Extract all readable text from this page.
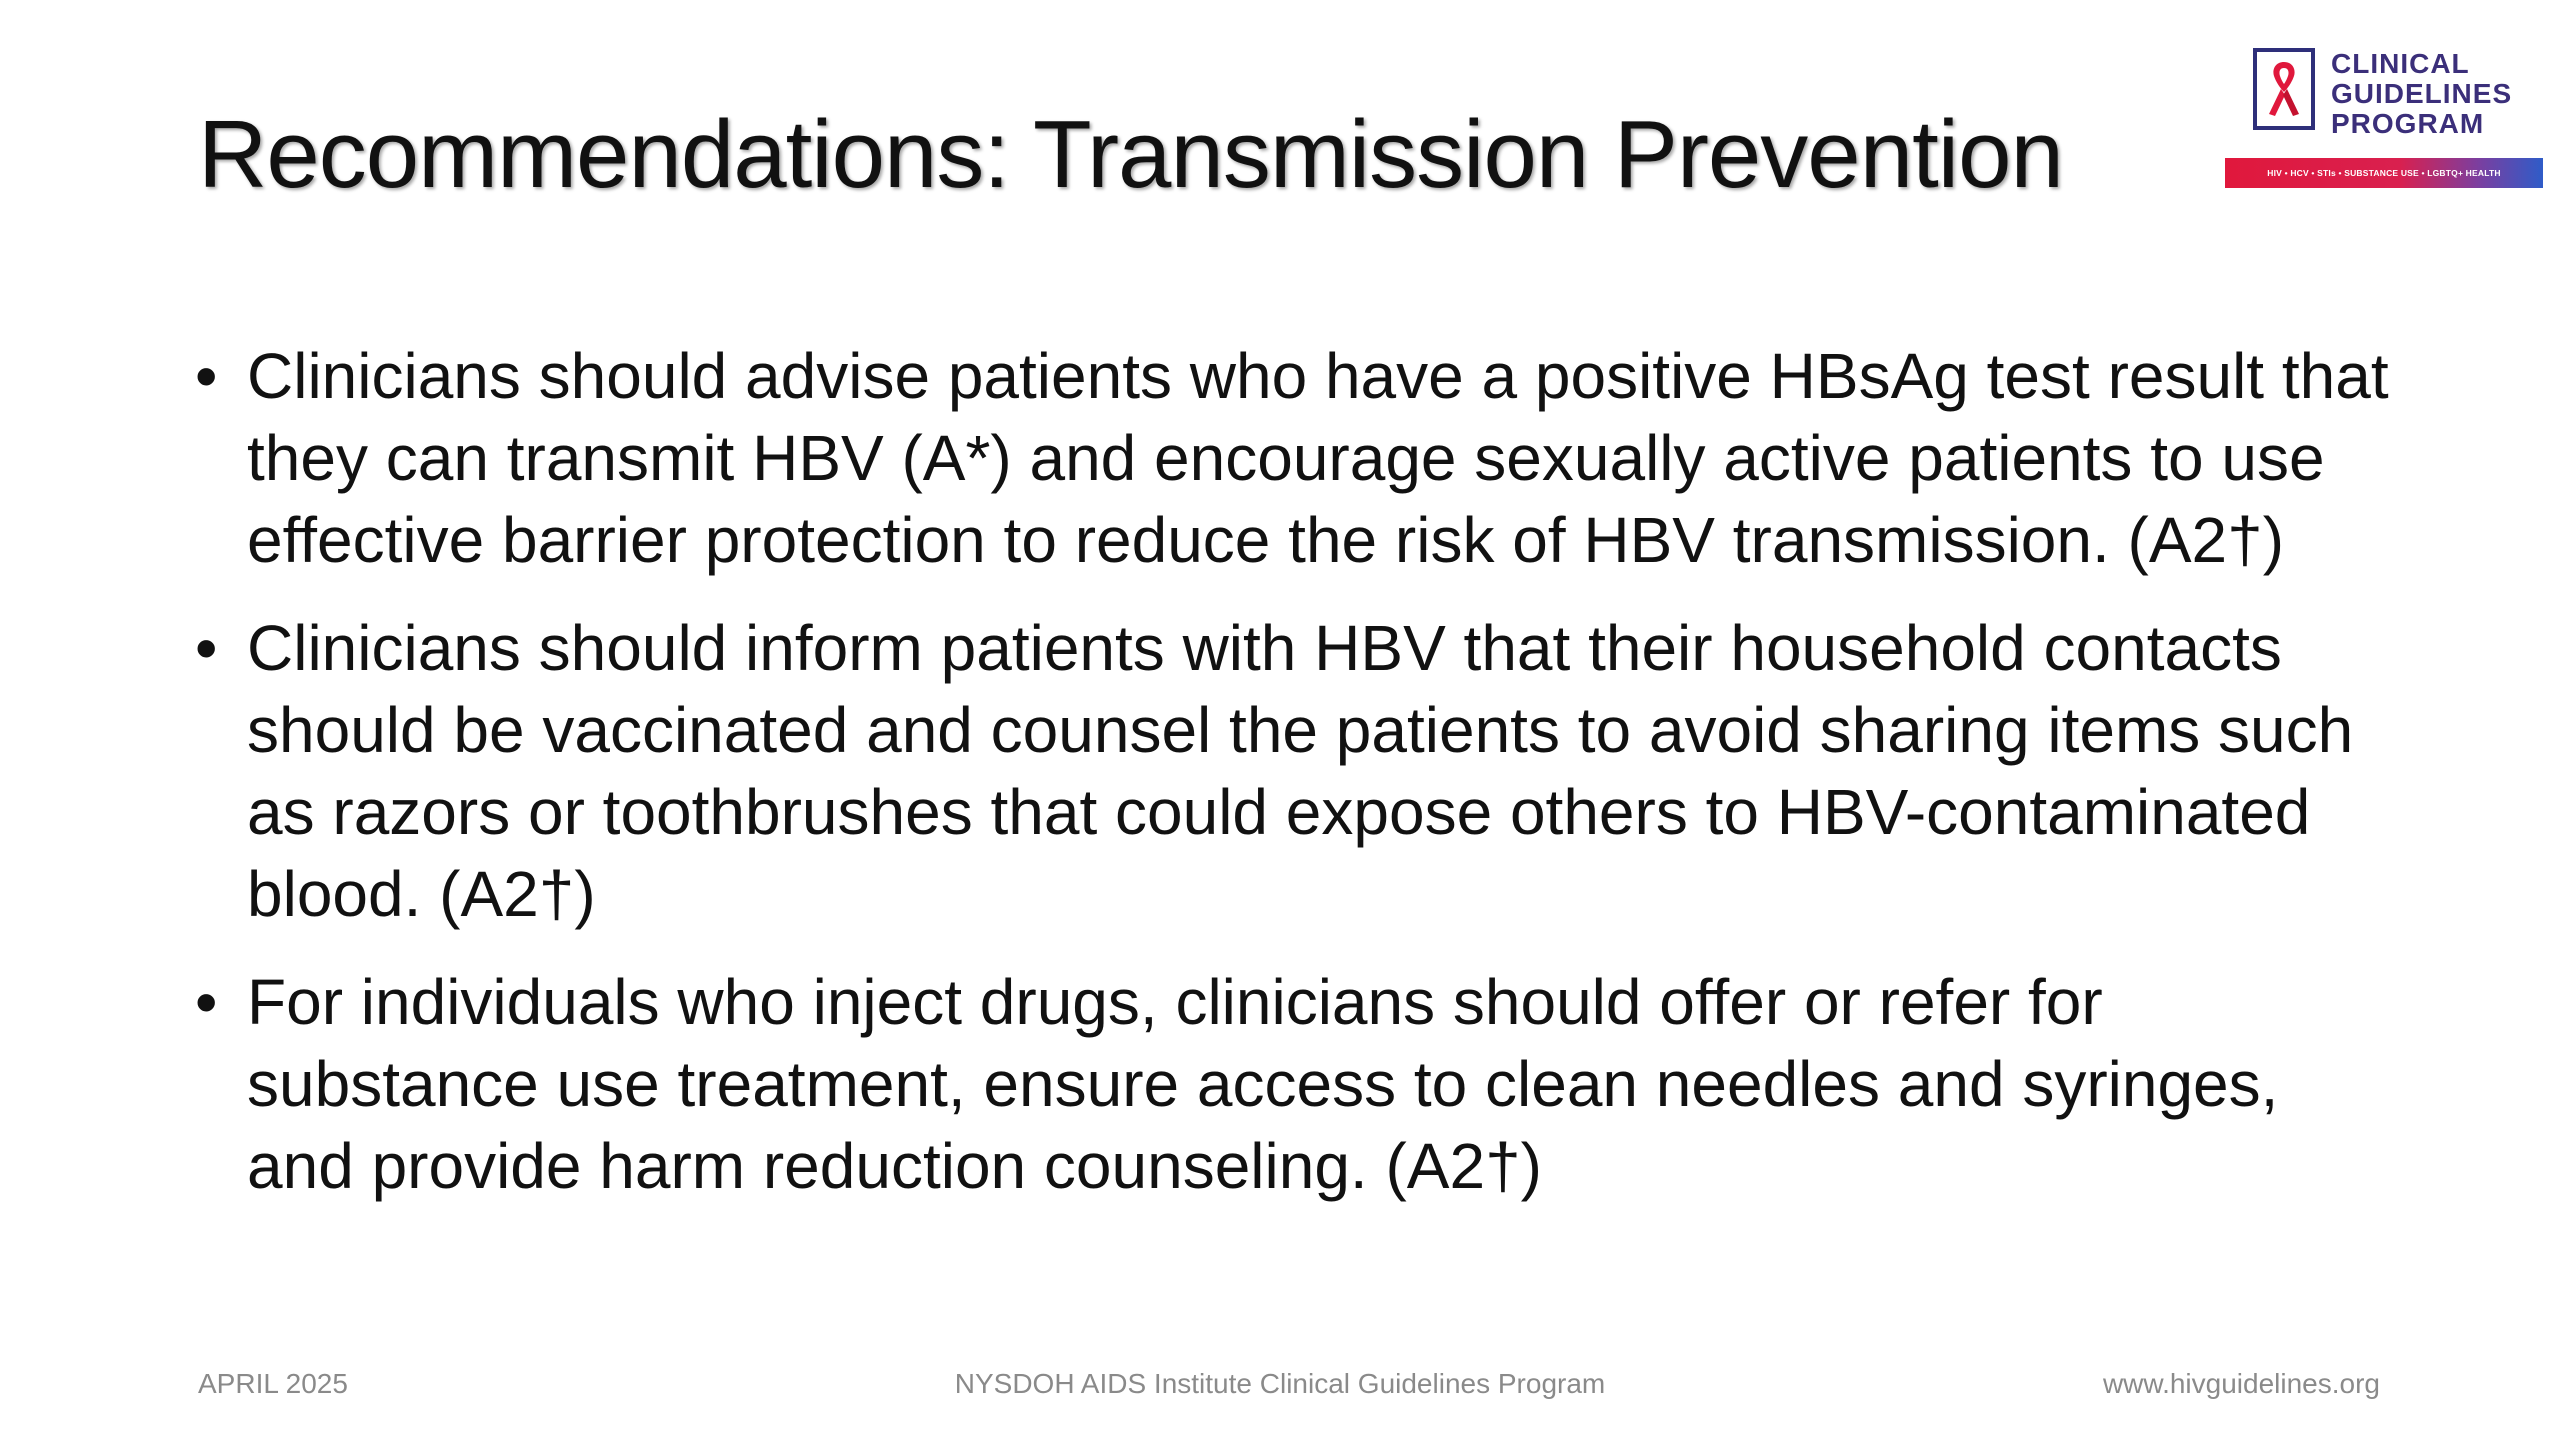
Recommendations: Transmission Prevention
CLINICAL
GUIDELINES
PROGRAM
HIV • HCV • STIs • SUBSTANCE USE • LGBTQ+ HEALTH
• Clinicians should advise patients who have a positive HBsAg test result that they can transmit HBV (A*) and encourage sexually active patients to use effective barrier protection to reduce the risk of HBV transmission. (A2†)
• Clinicians should inform patients with HBV that their household contacts should be vaccinated and counsel the patients to avoid sharing items such as razors or toothbrushes that could expose others to HBV-contaminated blood. (A2†)
• For individuals who inject drugs, clinicians should offer or refer for substance use treatment, ensure access to clean needles and syringes, and provide harm reduction counseling. (A2†)
APRIL 2025	NYSDOH AIDS Institute Clinical Guidelines Program	www.hivguidelines.org
